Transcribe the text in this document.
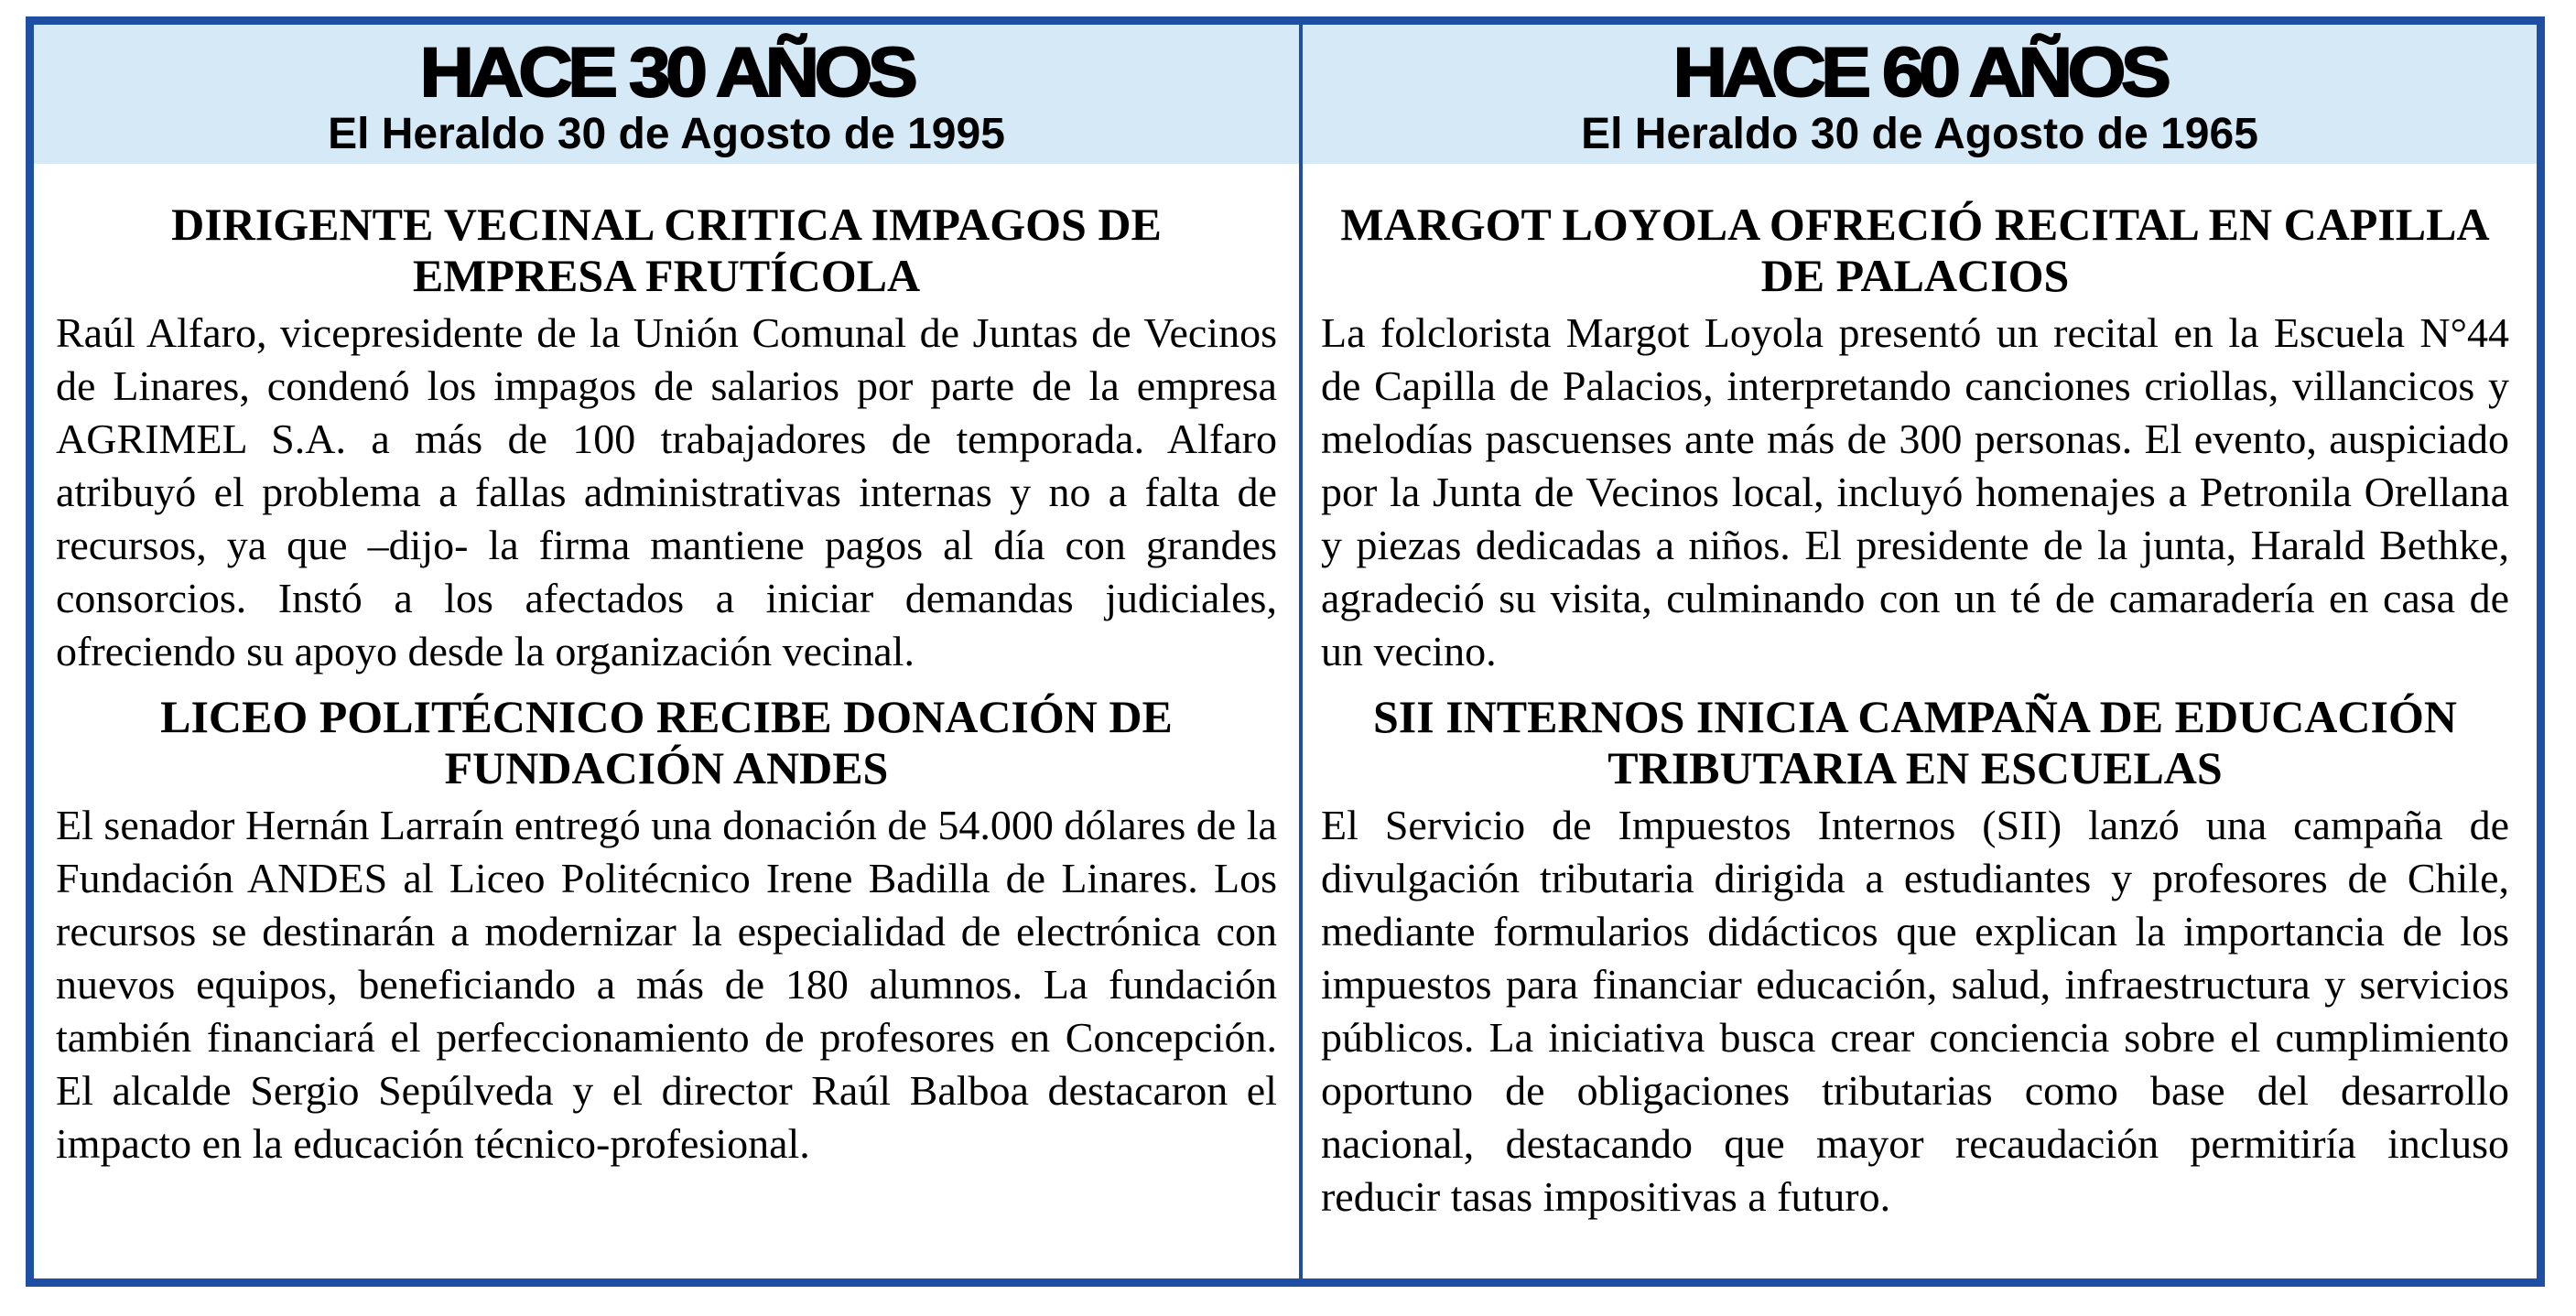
HACE 30 AÑOS
El Heraldo 30 de Agosto de 1995
DIRIGENTE VECINAL CRITICA IMPAGOS DE EMPRESA FRUTÍCOLA

Raúl Alfaro, vicepresidente de la Unión Comunal de Juntas de Vecinos de Linares, condenó los impagos de salarios por parte de la empresa AGRIMEL S.A. a más de 100 trabajadores de temporada. Alfaro atribuyó el problema a fallas administrativas internas y no a falta de recursos, ya que –dijo- la firma mantiene pagos al día con grandes consorcios. Instó a los afectados a iniciar demandas judiciales, ofreciendo su apoyo desde la organización vecinal.

LICEO POLITÉCNICO RECIBE DONACIÓN DE FUNDACIÓN ANDES

El senador Hernán Larraín entregó una donación de 54.000 dólares de la Fundación ANDES al Liceo Politécnico Irene Badilla de Linares. Los recursos se destinarán a modernizar la especialidad de electrónica con nuevos equipos, beneficiando a más de 180 alumnos. La fundación también financiará el perfeccionamiento de profesores en Concepción. El alcalde Sergio Sepúlveda y el director Raúl Balboa destacaron el impacto en la educación técnico-profesional.

HACE 60 AÑOS
El Heraldo 30 de Agosto de 1965
MARGOT LOYOLA OFRECIÓ RECITAL EN CAPILLA DE PALACIOS

La folclorista Margot Loyola presentó un recital en la Escuela N°44 de Capilla de Palacios, interpretando canciones criollas, villancicos y melodías pascuenses ante más de 300 personas. El evento, auspiciado por la Junta de Vecinos local, incluyó homenajes a Petronila Orellana y piezas dedicadas a niños. El presidente de la junta, Harald Bethke, agradeció su visita, culminando con un té de camaradería en casa de un vecino.

SII INTERNOS INICIA CAMPAÑA DE EDUCACIÓN TRIBUTARIA EN ESCUELAS

El Servicio de Impuestos Internos (SII) lanzó una campaña de divulgación tributaria dirigida a estudiantes y profesores de Chile, mediante formularios didácticos que explican la importancia de los impuestos para financiar educación, salud, infraestructura y servicios públicos. La iniciativa busca crear conciencia sobre el cumplimiento oportuno de obligaciones tributarias como base del desarrollo nacional, destacando que mayor recaudación permitiría incluso reducir tasas impositivas a futuro.
